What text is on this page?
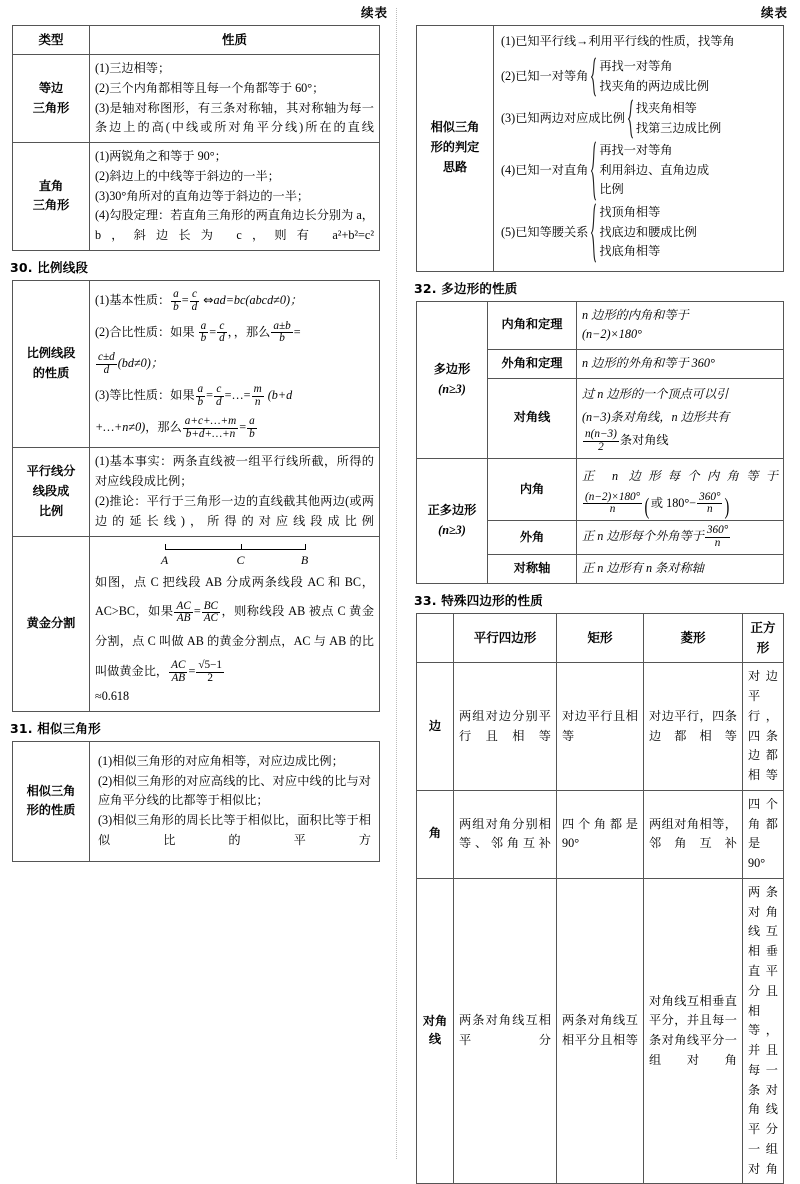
续表
类型	性质

等边
三角形

(1)三边相等；
(2)三个内角都相等且每一个角都等于 60°；
(3)是轴对称图形，有三条对称轴，其对称轴为每一条边上的高(中线或所对角平分线)所在的直线

直角
三角形

(1)两锐角之和等于 90°；
(2)斜边上的中线等于斜边的一半；
(3)30°角所对的直角边等于斜边的一半；
(4)勾股定理：若直角三角形的两直角边长分别为 a，b，斜边长为 c，则有 a²+b²=c²
30. 比例线段
比例线段
的性质

(1)基本性质： $\frac{a}{b} = \frac{c}{d}$ ⇔ad=bc(abcd≠0)；
(2)合比性质：如果 $\frac{a}{b} = \frac{c}{d}$ ，，那么 $\frac{a\pm b}{b}$ =
$\frac{c\pm d}{d} (bd\ne 0)$；
(3)等比性质：如果 $\frac{a}{b} = \frac{c}{d}$ =…= $\frac{m}{n} (b+d$
+…+n≠0)，那么 $\frac{a+c+\dots+m}{b+d+\dots+n} = \frac{a}{b}$

平行线分
线段成
比例

(1)基本事实：两条直线被一组平行线所截，所得的对应线段成比例；
(2)推论：平行于三角形一边的直线截其他两边(或两边的延长线)，所得的对应线段成比例

黄金分割	
A	C	B
如图，点 C 把线段 AB 分成两条线段 AC 和 BC，AC>BC，如果 $\frac{AC}{AB} = \frac{BC}{AC}$ ，则称线段 AB 被点 C 黄金分割，点 C 叫做 AB 的黄金分割点，AC 与 AB 的比叫做黄金比， $\frac{AC}{AB} = \frac{√5-1}{2}$
≈0.618
31. 相似三角形
相似三角
形的性质

(1)相似三角形的对应角相等，对应边成比例；
(2)相似三角形的对应高线的比、对应中线的比与对应角平分线的比都等于相似比；
(3)相似三角形的周长比等于相似比，面积比等于相似比的平方
续表
相似三角
形的判定
思路

(1)已知平行线→利用平行线的性质，找等角
(2)已知一对等角
再找一对等角
找夹角的两边成比例
(3)已知两边对应成比例
找夹角相等
找第三边成比例
(4)已知一对直角
再找一对等角
利用斜边、直角边成
比例
(5)已知等腰关系
找顶角相等
找底边和腰成比例
找底角相等
32. 多边形的性质
多边形
(n≥3)
	内角和定理	
n 边形的内角和等于
(n−2)×180°

	外角和定理	n 边形的外角和等于 360°
	对角线	过 n 边形的一个顶点可以引
(n−3)条对角线，n 边形共有
$\frac{n(n-3)}{2}$ 条对角线

正多边形
(n≥3)
	内角	
正 n 边形每个内角等于
$\frac{(n-2)\times 180^\circ}{n}$ (或 $180^\circ- \frac{360^\circ}{n}$ )

	外角	正 n 边形每个外角等于 $\frac{360^\circ}{n}$

	对称轴	正 n 边形有 n 条对称轴
33. 特殊四边形的性质
	平行四边形	矩形	菱形	正方形
边	两组对边分别平行且相等	对边平行且相等	对边平行，四条边都相等	对边平行，四条边都相等
角	两组对角分别相等、邻角互补	四个角都是 90°	两组对角相等，邻角互补	四个角都是 90°
对角线	两条对角线互相平分	两条对角线互相平分且相等	对角线互相垂直平分，并且每一条对角线平分一组对角	两条对角线互相垂直平分且相等，并且每一条对角线平分一组对角
